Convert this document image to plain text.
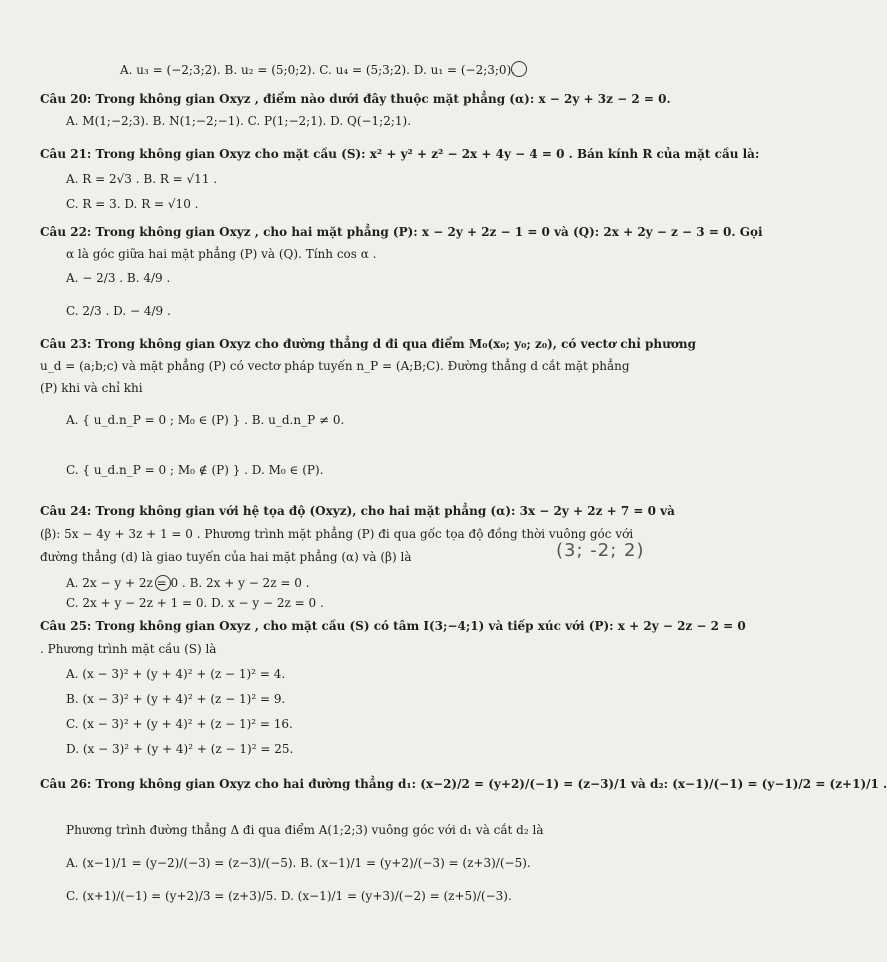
A. u₃ = (−2;3;2). B. u₂ = (5;0;2). C. u₄ = (5;3;2). D. u₁ = (−2;3;0).
Câu 20: Trong không gian Oxyz , điểm nào dưới đây thuộc mặt phẳng (α): x − 2y + 3z − 2 = 0.
A. M(1;−2;3). B. N(1;−2;−1). C. P(1;−2;1). D. Q(−1;2;1).
Câu 21: Trong không gian Oxyz cho mặt cầu (S): x² + y² + z² − 2x + 4y − 4 = 0 . Bán kính R của mặt cầu là:
A. R = 2√3 . B. R = √11 .
C. R = 3. D. R = √10 .
Câu 22: Trong không gian Oxyz , cho hai mặt phẳng (P): x − 2y + 2z − 1 = 0 và (Q): 2x + 2y − z − 3 = 0. Gọi
α là góc giữa hai mặt phẳng (P) và (Q). Tính cos α .
A. − 2/3 . B. 4/9 .
C. 2/3 . D. − 4/9 .
Câu 23: Trong không gian Oxyz cho đường thẳng d đi qua điểm M₀(x₀; y₀; z₀), có vectơ chỉ phương
u_d = (a;b;c) và mặt phẳng (P) có vectơ pháp tuyến n_P = (A;B;C). Đường thẳng d cắt mặt phẳng
(P) khi và chỉ khi
A. { u_d.n_P = 0 ; M₀ ∈ (P) } . B. u_d.n_P ≠ 0.
C. { u_d.n_P = 0 ; M₀ ∉ (P) } . D. M₀ ∈ (P).
Câu 24: Trong không gian với hệ tọa độ (Oxyz), cho hai mặt phẳng (α): 3x − 2y + 2z + 7 = 0 và
(β): 5x − 4y + 3z + 1 = 0 . Phương trình mặt phẳng (P) đi qua gốc tọa độ đồng thời vuông góc với
đường thẳng (d) là giao tuyến của hai mặt phẳng (α) và (β) là	(3; -2; 2)
A. 2x − y + 2z = 0 . B. 2x + y − 2z = 0 .
C. 2x + y − 2z + 1 = 0. D. x − y − 2z = 0 .
Câu 25: Trong không gian Oxyz , cho mặt cầu (S) có tâm I(3;−4;1) và tiếp xúc với (P): x + 2y − 2z − 2 = 0
. Phương trình mặt cầu (S) là
A. (x − 3)² + (y + 4)² + (z − 1)² = 4.
B. (x − 3)² + (y + 4)² + (z − 1)² = 9.
C. (x − 3)² + (y + 4)² + (z − 1)² = 16.
D. (x − 3)² + (y + 4)² + (z − 1)² = 25.
Câu 26: Trong không gian Oxyz cho hai đường thẳng d₁: (x−2)/2 = (y+2)/(−1) = (z−3)/1 và d₂: (x−1)/(−1) = (y−1)/2 = (z+1)/1 .
Phương trình đường thẳng Δ đi qua điểm A(1;2;3) vuông góc với d₁ và cắt d₂ là
A. (x−1)/1 = (y−2)/(−3) = (z−3)/(−5). B. (x−1)/1 = (y+2)/(−3) = (z+3)/(−5).
C. (x+1)/(−1) = (y+2)/3 = (z+3)/5. D. (x−1)/1 = (y+3)/(−2) = (z+5)/(−3).
